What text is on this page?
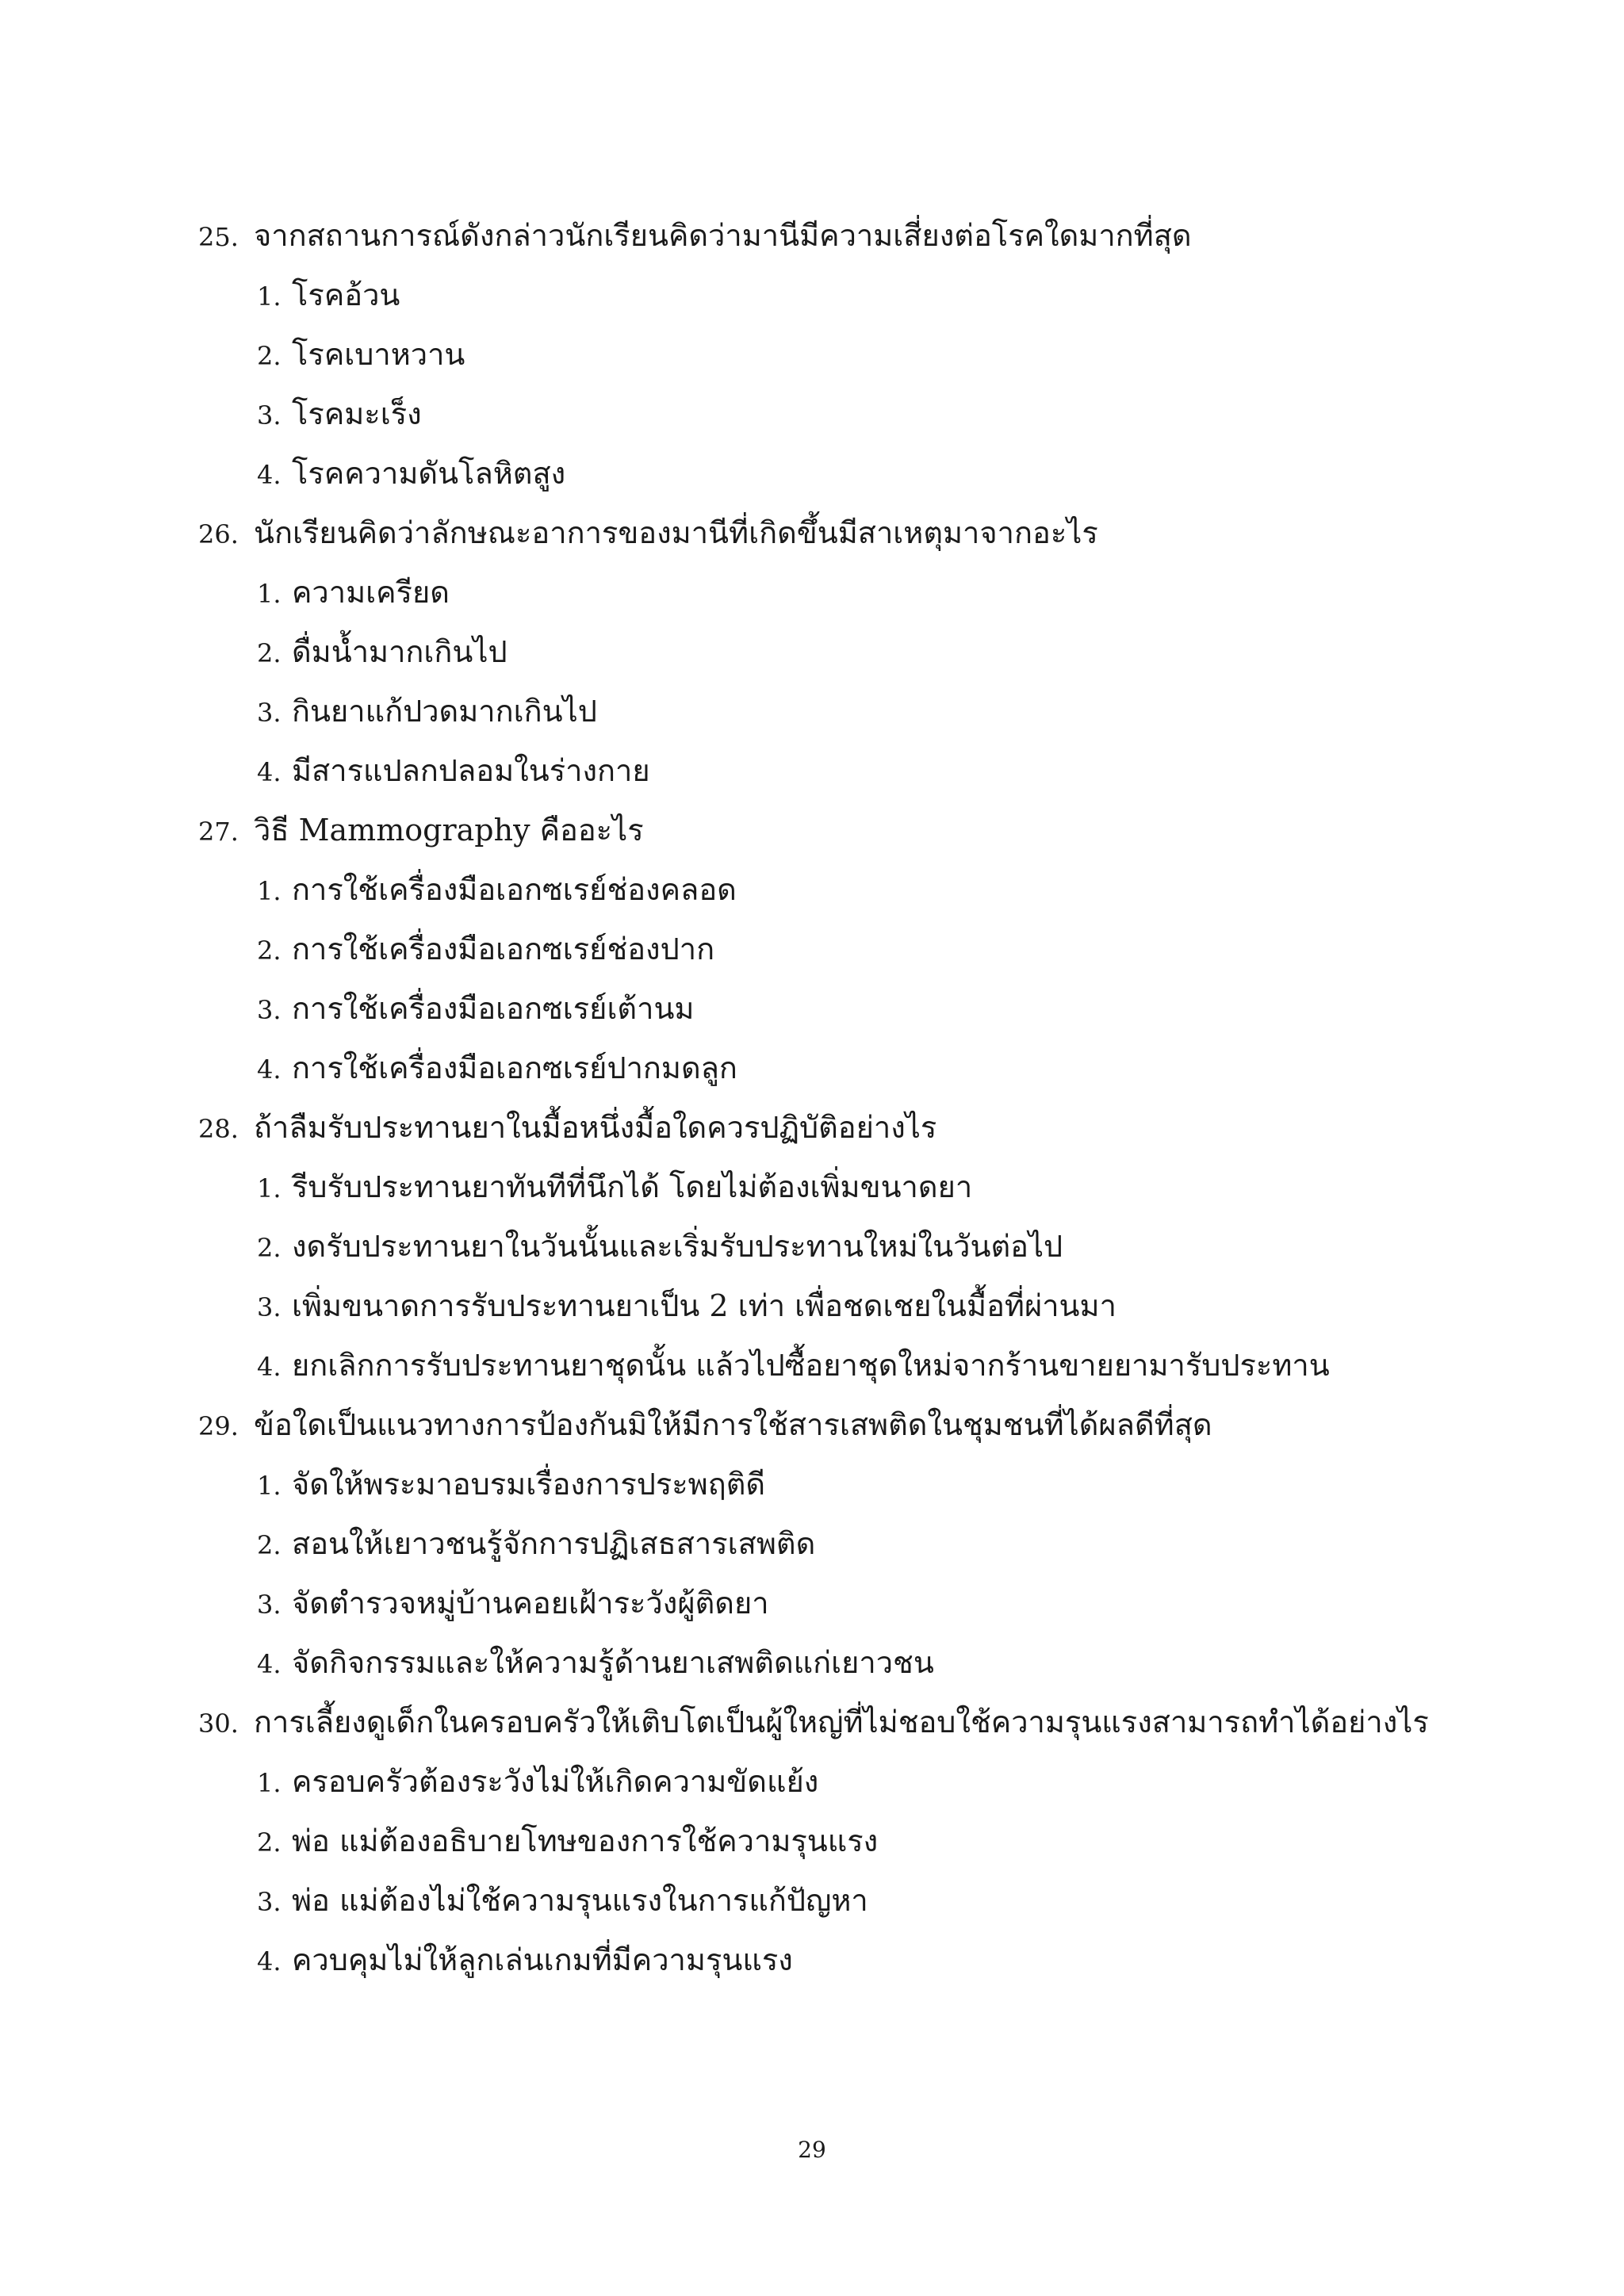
25. จากสถานการณ์ดังกล่าวนักเรียนคิดว่ามานีมีความเสี่ยงต่อโรคใดมากที่สุด
1. โรคอ้วน
2. โรคเบาหวาน
3. โรคมะเร็ง
4. โรคความดันโลหิตสูง
26. นักเรียนคิดว่าลักษณะอาการของมานีที่เกิดขึ้นมีสาเหตุมาจากอะไร
1. ความเครียด
2. ดื่มน้ำมากเกินไป
3. กินยาแก้ปวดมากเกินไป
4. มีสารแปลกปลอมในร่างกาย
27. วิธี Mammography คืออะไร
1. การใช้เครื่องมือเอกซเรย์ช่องคลอด
2. การใช้เครื่องมือเอกซเรย์ช่องปาก
3. การใช้เครื่องมือเอกซเรย์เต้านม
4. การใช้เครื่องมือเอกซเรย์ปากมดลูก
28. ถ้าลืมรับประทานยาในมื้อหนึ่งมื้อใดควรปฏิบัติอย่างไร
1. รีบรับประทานยาทันทีที่นึกได้ โดยไม่ต้องเพิ่มขนาดยา
2. งดรับประทานยาในวันนั้นและเริ่มรับประทานใหม่ในวันต่อไป
3. เพิ่มขนาดการรับประทานยาเป็น 2 เท่า เพื่อชดเชยในมื้อที่ผ่านมา
4. ยกเลิกการรับประทานยาชุดนั้น แล้วไปซื้อยาชุดใหม่จากร้านขายยามารับประทาน
29. ข้อใดเป็นแนวทางการป้องกันมิให้มีการใช้สารเสพติดในชุมชนที่ได้ผลดีที่สุด
1. จัดให้พระมาอบรมเรื่องการประพฤติดี
2. สอนให้เยาวชนรู้จักการปฏิเสธสารเสพติด
3. จัดตำรวจหมู่บ้านคอยเฝ้าระวังผู้ติดยา
4. จัดกิจกรรมและให้ความรู้ด้านยาเสพติดแก่เยาวชน
30. การเลี้ยงดูเด็กในครอบครัวให้เติบโตเป็นผู้ใหญ่ที่ไม่ชอบใช้ความรุนแรงสามารถทำได้อย่างไร
1. ครอบครัวต้องระวังไม่ให้เกิดความขัดแย้ง
2. พ่อ แม่ต้องอธิบายโทษของการใช้ความรุนแรง
3. พ่อ แม่ต้องไม่ใช้ความรุนแรงในการแก้ปัญหา
4. ควบคุมไม่ให้ลูกเล่นเกมที่มีความรุนแรง
29
